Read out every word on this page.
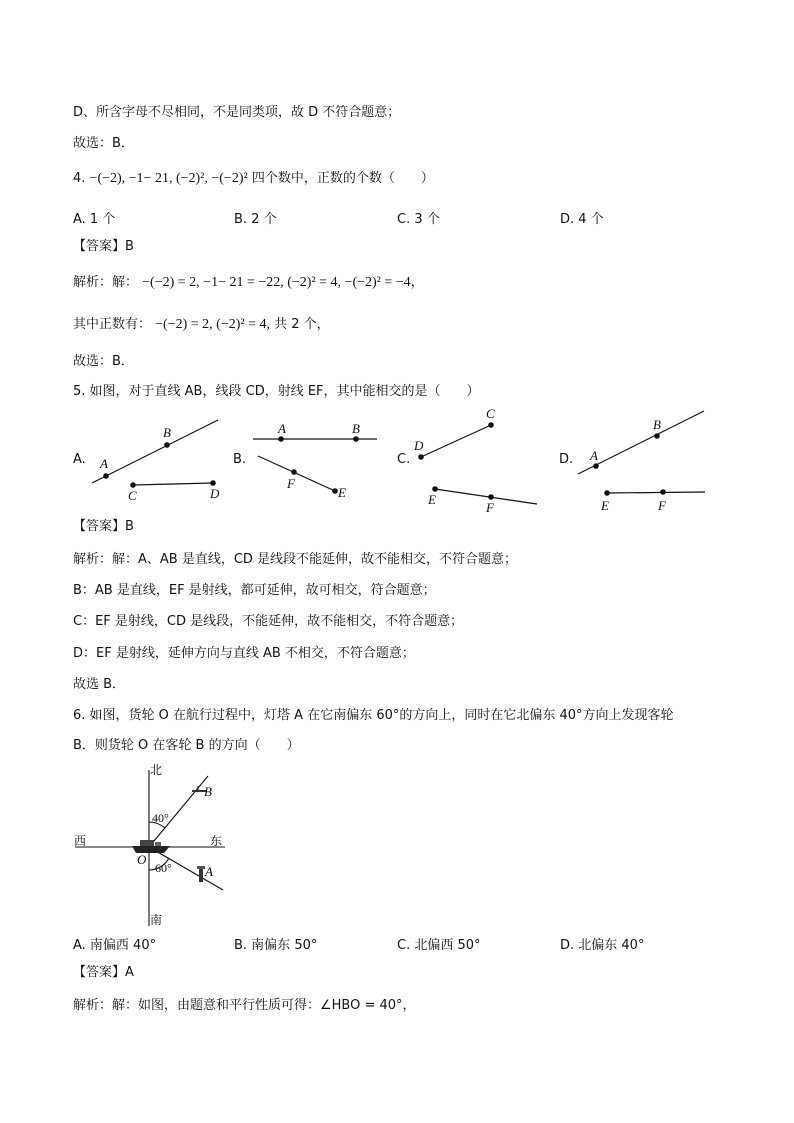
D、所含字母不尽相同，不是同类项，故 D 不符合题意；
故选：B．
4. −(−2), −1− 21, (−2)², −(−2)² 四个数中，正数的个数（　　）
A. 1 个	B. 2 个	C. 3 个	D. 4 个
【答案】B
解析：解： −(−2) = 2, −1− 21 = −22, (−2)² = 4, −(−2)² = −4，
其中正数有： −(−2) = 2, (−2)² = 4, 共 2 个，
故选：B．
5. 如图，对于直线 AB，线段 CD，射线 EF，其中能相交的是（　　）
A.	B.	C.	D.
A
B
C	D
A	B
F
E
C
D
E
F
B
A
E	F
【答案】B
解析：解：A、AB 是直线，CD 是线段不能延伸，故不能相交，不符合题意；
B：AB 是直线，EF 是射线，都可延伸，故可相交，符合题意；
C：EF 是射线，CD 是线段，不能延伸，故不能相交，不符合题意；
D：EF 是射线，延伸方向与直线 AB 不相交，不符合题意；
故选 B．
6. 如图，货轮 O 在航行过程中，灯塔 A 在它南偏东 60°的方向上，同时在它北偏东 40°方向上发现客轮
B．则货轮 O 在客轮 B 的方向（　　）
北
南
西	东
40°
60°
O
A
B
A. 南偏西 40°	B. 南偏东 50°	C. 北偏西 50°	D. 北偏东 40°
【答案】A
解析：解：如图，由题意和平行性质可得：∠HBO = 40°，
